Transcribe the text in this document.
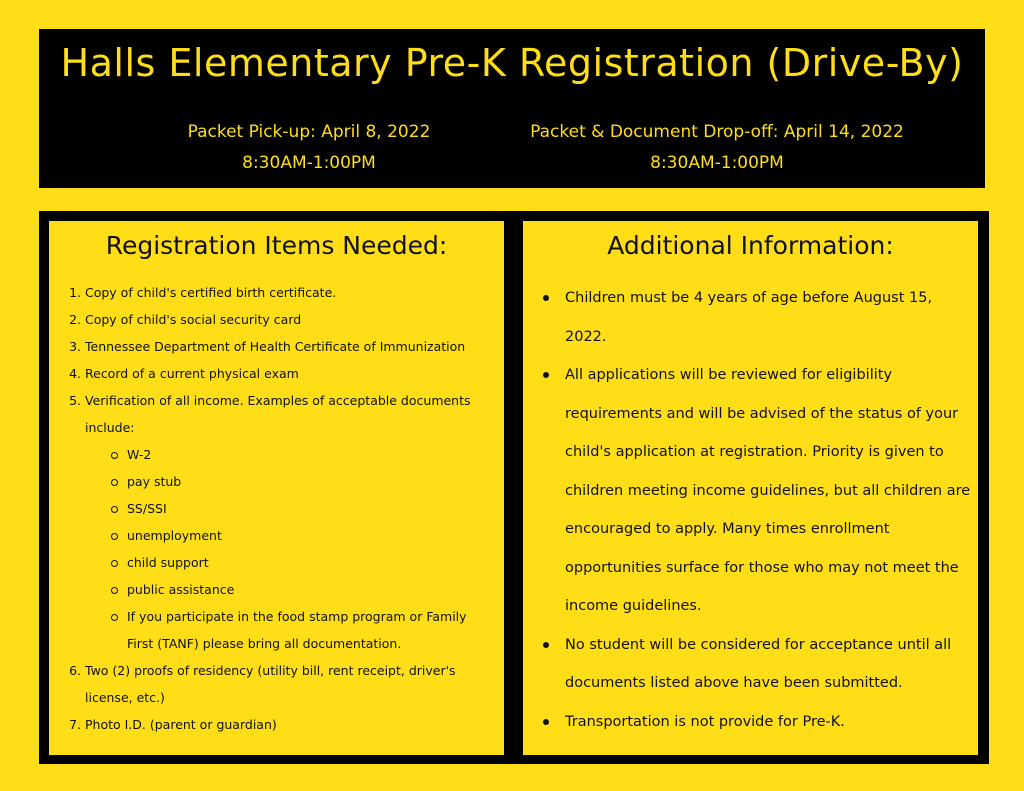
Halls Elementary Pre-K Registration (Drive-By)
Packet Pick-up: April 8, 2022
8:30AM-1:00PM
Packet & Document Drop-off: April 14, 2022
8:30AM-1:00PM
Registration Items Needed:
1. Copy of child's certified birth certificate.
2. Copy of child's social security card
3. Tennessee Department of Health Certificate of Immunization
4. Record of a current physical exam
5. Verification of all income. Examples of acceptable documents include:
W-2
pay stub
SS/SSI
unemployment
child support
public assistance
If you participate in the food stamp program or Family First (TANF) please bring all documentation.
6. Two (2) proofs of residency (utility bill, rent receipt, driver's license, etc.)
7. Photo I.D. (parent or guardian)
Additional Information:
Children must be 4 years of age before August 15, 2022.
All applications will be reviewed for eligibility requirements and will be advised of the status of your child's application at registration. Priority is given to children meeting income guidelines, but all children are encouraged to apply. Many times enrollment opportunities surface for those who may not meet the income guidelines.
No student will be considered for acceptance until all documents listed above have been submitted.
Transportation is not provide for Pre-K.
